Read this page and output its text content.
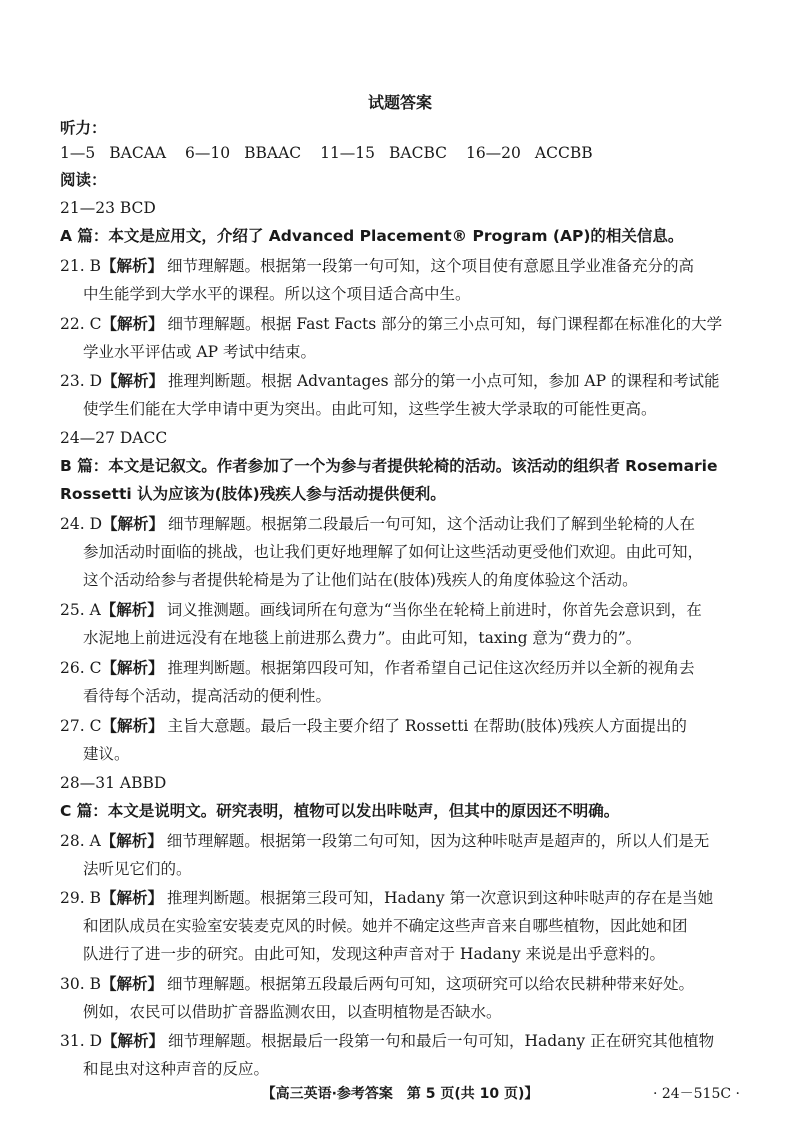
试题答案
听力：
1—5 BACAA 6—10 BBAAC 11—15 BACBC 16—20 ACCBB
阅读：
21—23 BCD
A 篇：本文是应用文，介绍了 Advanced Placement® Program (AP)的相关信息。
21. B【解析】 细节理解题。根据第一段第一句可知，这个项目使有意愿且学业准备充分的高
中生能学到大学水平的课程。所以这个项目适合高中生。
22. C【解析】 细节理解题。根据 Fast Facts 部分的第三小点可知，每门课程都在标准化的大学
学业水平评估或 AP 考试中结束。
23. D【解析】 推理判断题。根据 Advantages 部分的第一小点可知，参加 AP 的课程和考试能
使学生们能在大学申请中更为突出。由此可知，这些学生被大学录取的可能性更高。
24—27 DACC
B 篇：本文是记叙文。作者参加了一个为参与者提供轮椅的活动。该活动的组织者 Rosemarie
Rossetti 认为应该为(肢体)残疾人参与活动提供便利。
24. D【解析】 细节理解题。根据第二段最后一句可知，这个活动让我们了解到坐轮椅的人在
参加活动时面临的挑战，也让我们更好地理解了如何让这些活动更受他们欢迎。由此可知，
这个活动给参与者提供轮椅是为了让他们站在(肢体)残疾人的角度体验这个活动。
25. A【解析】 词义推测题。画线词所在句意为“当你坐在轮椅上前进时，你首先会意识到，在
水泥地上前进远没有在地毯上前进那么费力”。由此可知，taxing 意为“费力的”。
26. C【解析】 推理判断题。根据第四段可知，作者希望自己记住这次经历并以全新的视角去
看待每个活动，提高活动的便利性。
27. C【解析】 主旨大意题。最后一段主要介绍了 Rossetti 在帮助(肢体)残疾人方面提出的
建议。
28—31 ABBD
C 篇：本文是说明文。研究表明，植物可以发出咔哒声，但其中的原因还不明确。
28. A【解析】 细节理解题。根据第一段第二句可知，因为这种咔哒声是超声的，所以人们是无
法听见它们的。
29. B【解析】 推理判断题。根据第三段可知，Hadany 第一次意识到这种咔哒声的存在是当她
和团队成员在实验室安装麦克风的时候。她并不确定这些声音来自哪些植物，因此她和团
队进行了进一步的研究。由此可知，发现这种声音对于 Hadany 来说是出乎意料的。
30. B【解析】 细节理解题。根据第五段最后两句可知，这项研究可以给农民耕种带来好处。
例如，农民可以借助扩音器监测农田，以查明植物是否缺水。
31. D【解析】 细节理解题。根据最后一段第一句和最后一句可知，Hadany 正在研究其他植物
和昆虫对这种声音的反应。
【高三英语·参考答案　第 5 页(共 10 页)】	· 24－515C ·
